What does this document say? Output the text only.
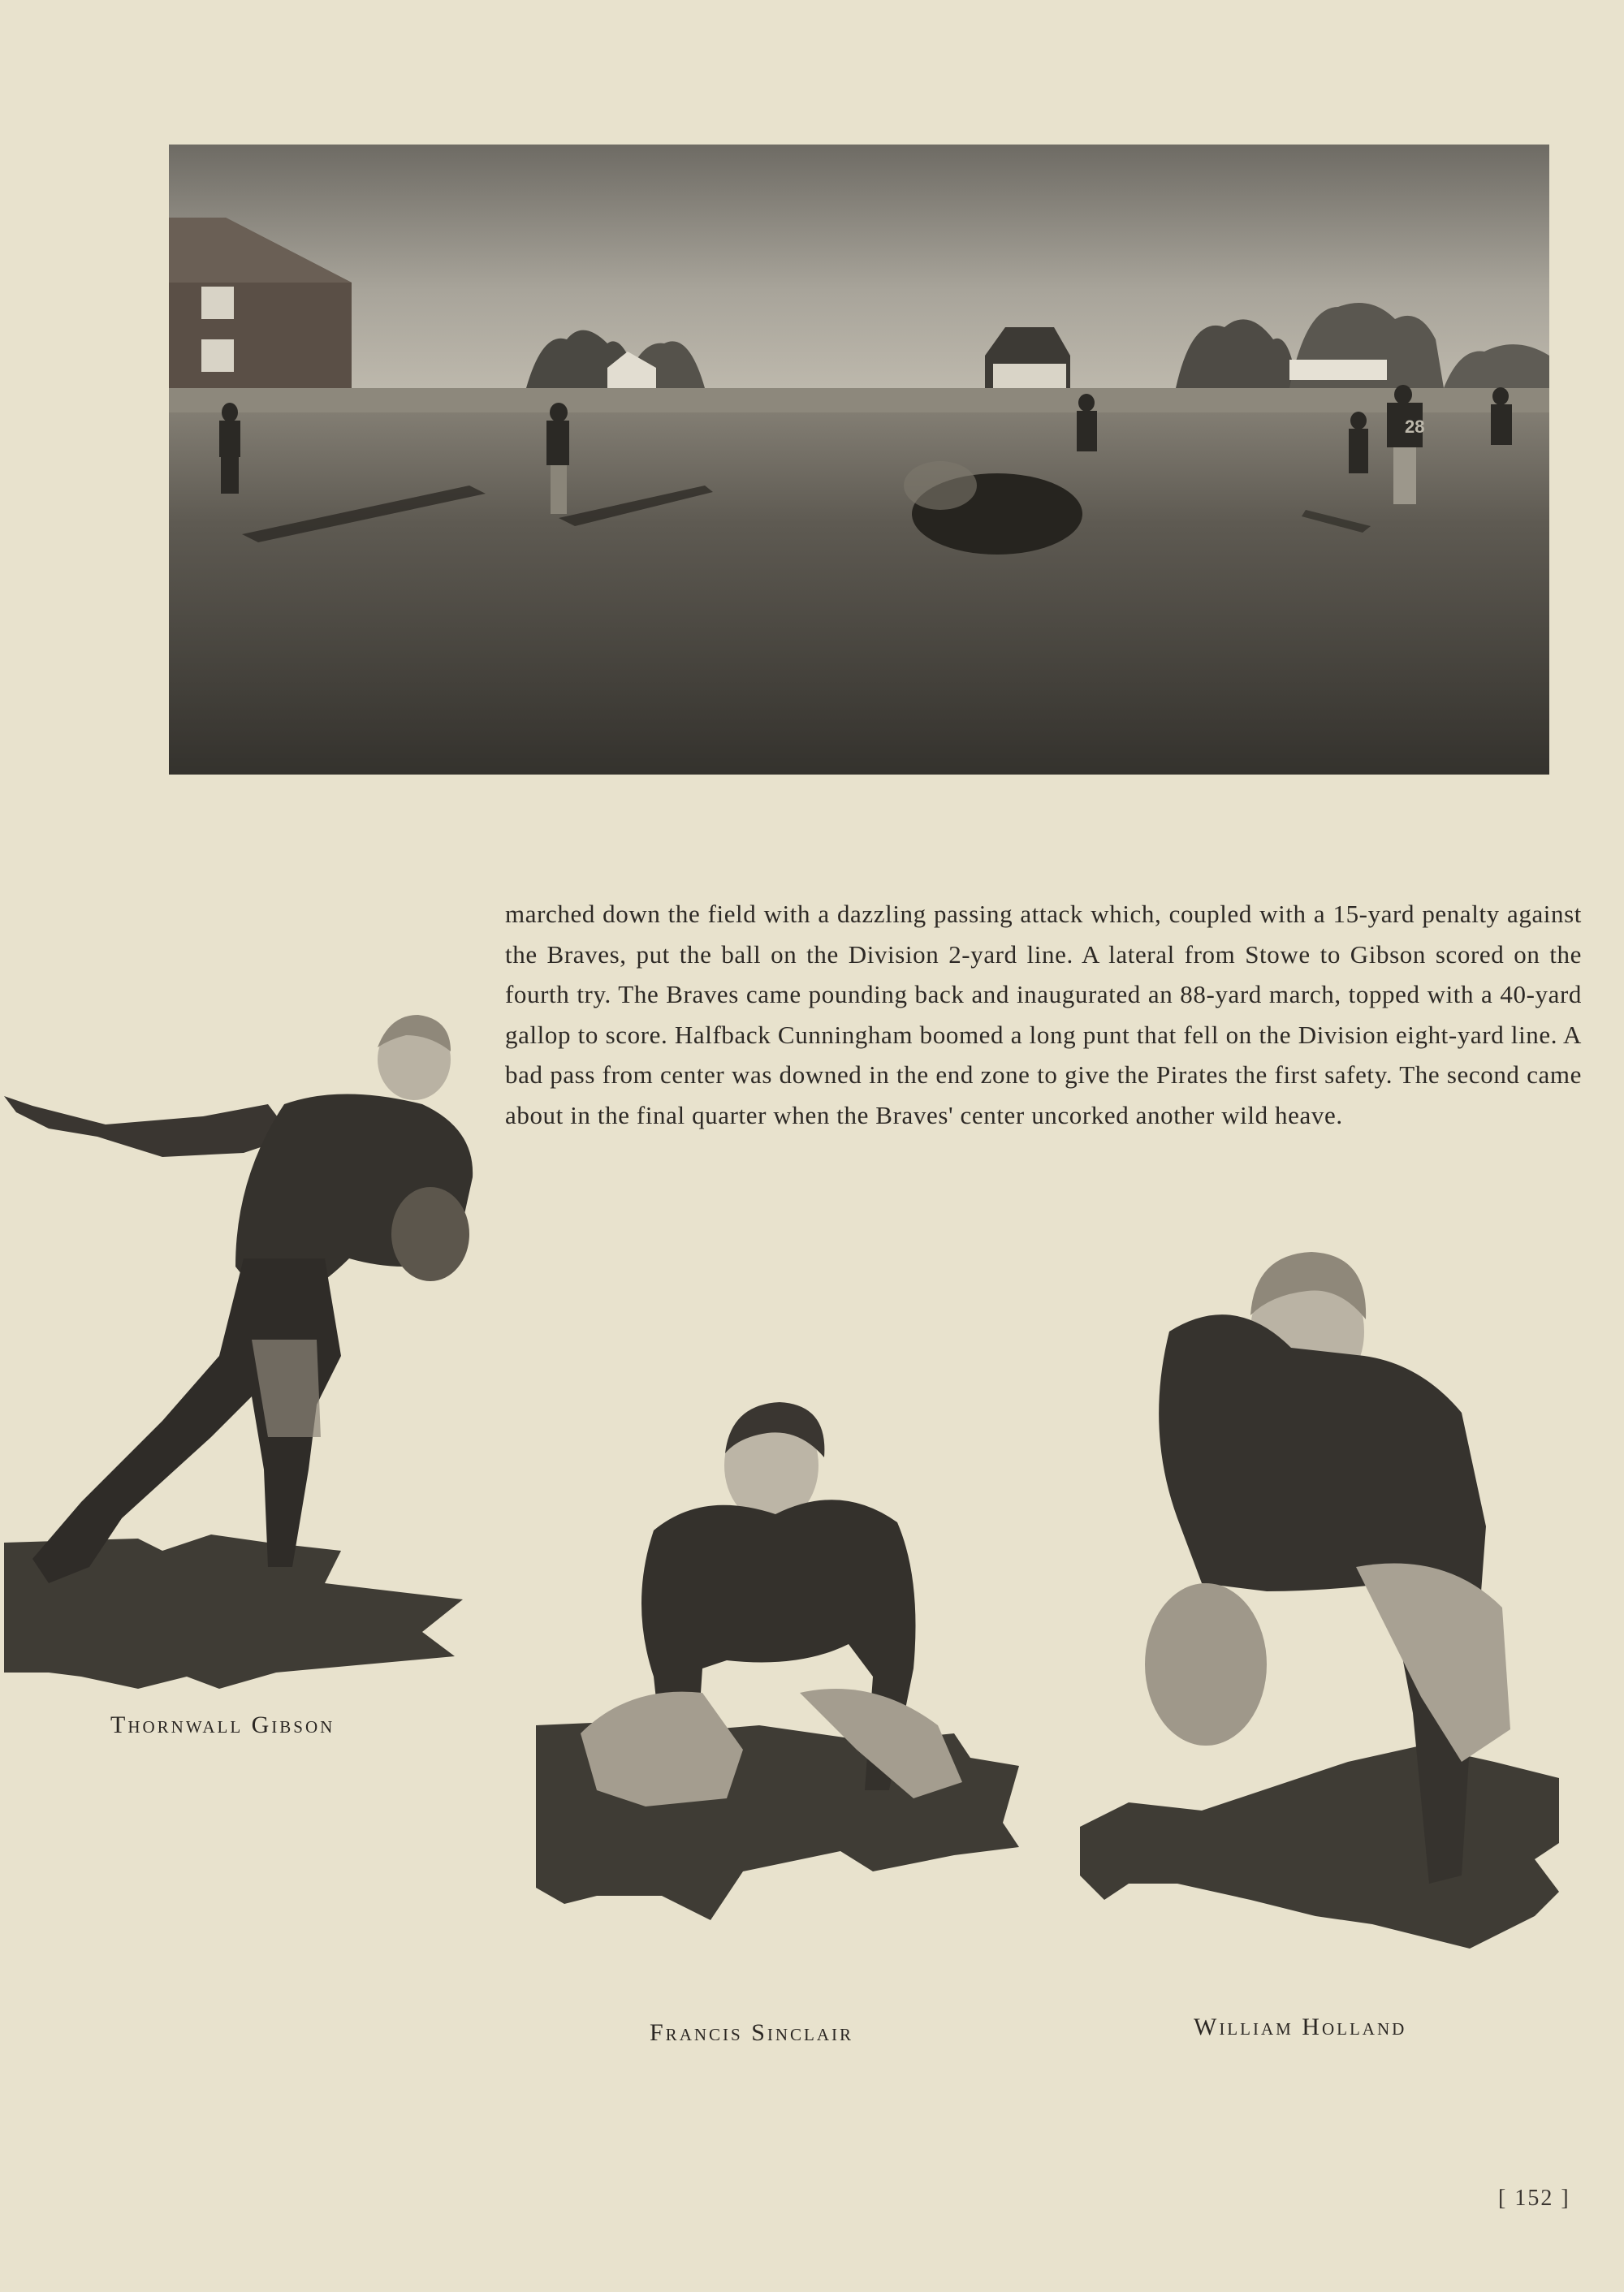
28

marched down the field with a dazzling passing attack which, coupled with a 15-yard penalty against the Braves, put the ball on the Division 2-yard line. A lateral from Stowe to Gibson scored on the fourth try. The Braves came pounding back and inaugurated an 88-yard march, topped with a 40-yard gallop to score. Halfback Cunningham boomed a long punt that fell on the Division eight-yard line. A bad pass from center was downed in the end zone to give the Pirates the first safety. The second came about in the final quarter when the Braves' center uncorked another wild heave.

Thornwall Gibson
Francis Sinclair	William Holland
[ 152 ]
